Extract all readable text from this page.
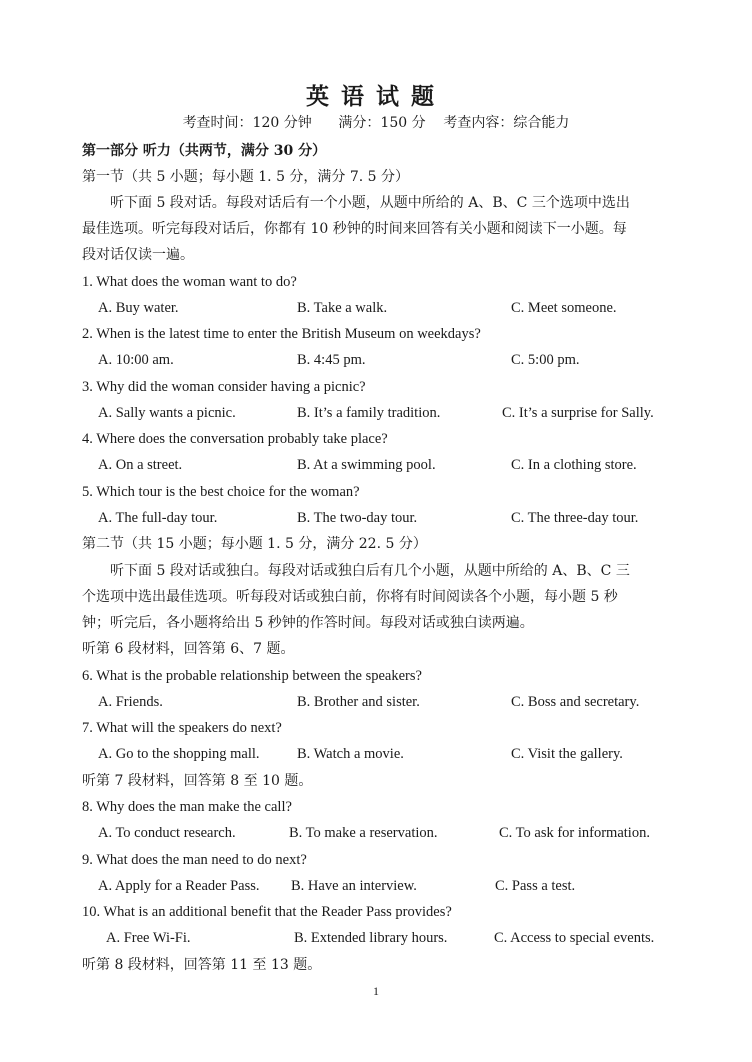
英语试题
考查时间：120 分钟      满分：150 分    考查内容：综合能力
第一部分 听力（共两节，满分 30 分）
第一节（共 5 小题；每小题 1. 5 分，满分 7. 5 分）
听下面 5 段对话。每段对话后有一个小题，从题中所给的 A、B、C 三个选项中选出
最佳选项。听完每段对话后，你都有 10 秒钟的时间来回答有关小题和阅读下一小题。每
段对话仅读一遍。
1. What does the woman want to do?
A. Buy water.	B. Take a walk.	C. Meet someone.
2. When is the latest time to enter the British Museum on weekdays?
A. 10:00 am.	B. 4:45 pm.	C. 5:00 pm.
3. Why did the woman consider having a picnic?
A. Sally wants a picnic.	B. It’s a family tradition.	C. It’s a surprise for Sally.
4. Where does the conversation probably take place?
A. On a street.	B. At a swimming pool.	C. In a clothing store.
5. Which tour is the best choice for the woman?
A. The full-day tour.	B. The two-day tour.	C. The three-day tour.
第二节（共 15 小题；每小题 1. 5 分，满分 22. 5 分）
听下面 5 段对话或独白。每段对话或独白后有几个小题，从题中所给的 A、B、C 三
个选项中选出最佳选项。听每段对话或独白前，你将有时间阅读各个小题，每小题 5 秒
钟；听完后，各小题将给出 5 秒钟的作答时间。每段对话或独白读两遍。
听第 6 段材料，回答第 6、7 题。
6. What is the probable relationship between the speakers?
A. Friends.	B. Brother and sister.	C. Boss and secretary.
7. What will the speakers do next?
A. Go to the shopping mall.	B. Watch a movie.	C. Visit the gallery.
听第 7 段材料，回答第 8 至 10 题。
8. Why does the man make the call?
A. To conduct research.	B. To make a reservation.	C. To ask for information.
9. What does the man need to do next?
A. Apply for a Reader Pass. B. Have an interview.	C. Pass a test.
10. What is an additional benefit that the Reader Pass provides?
A. Free Wi-Fi.	B. Extended library hours.	C. Access to special events.
听第 8 段材料，回答第 11 至 13 题。
1
